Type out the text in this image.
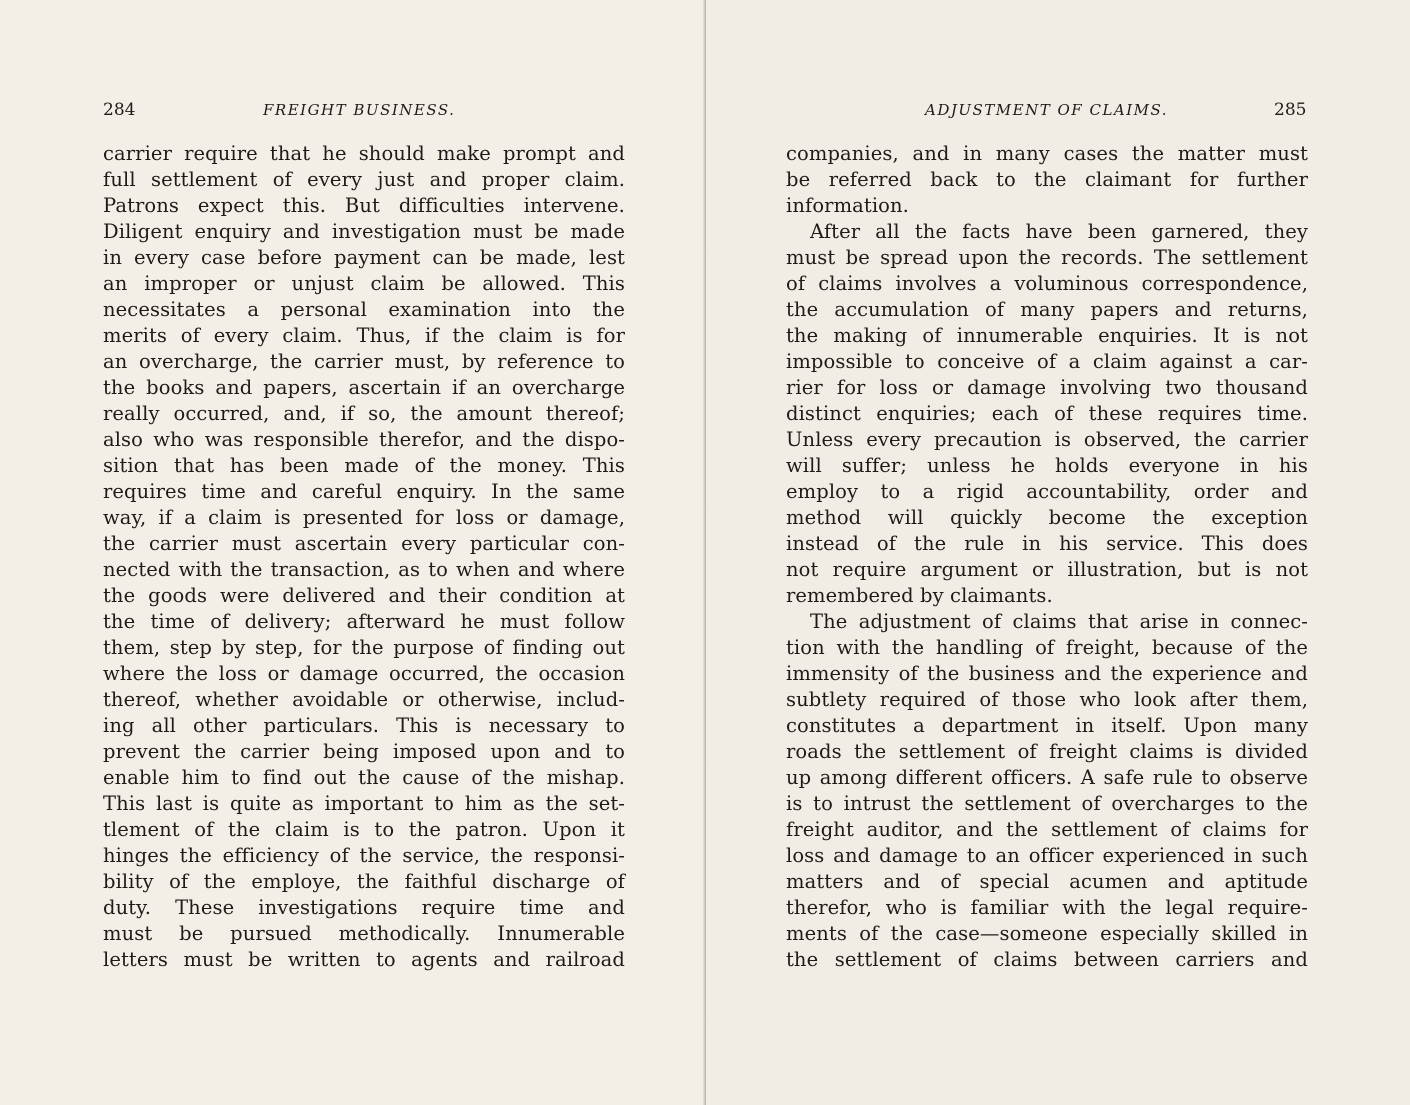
284	FREIGHT BUSINESS.
carrier require that he should make prompt and
full settlement of every just and proper claim.
Patrons expect this. But difficulties intervene.
Diligent enquiry and investigation must be made
in every case before payment can be made, lest
an improper or unjust claim be allowed. This
necessitates a personal examination into the
merits of every claim. Thus, if the claim is for
an overcharge, the carrier must, by reference to
the books and papers, ascertain if an overcharge
really occurred, and, if so, the amount thereof;
also who was responsible therefor, and the dispo-
sition that has been made of the money. This
requires time and careful enquiry. In the same
way, if a claim is presented for loss or damage,
the carrier must ascertain every particular con-
nected with the transaction, as to when and where
the goods were delivered and their condition at
the time of delivery; afterward he must follow
them, step by step, for the purpose of finding out
where the loss or damage occurred, the occasion
thereof, whether avoidable or otherwise, includ-
ing all other particulars. This is necessary to
prevent the carrier being imposed upon and to
enable him to find out the cause of the mishap.
This last is quite as important to him as the set-
tlement of the claim is to the patron. Upon it
hinges the efficiency of the service, the responsi-
bility of the employe, the faithful discharge of
duty. These investigations require time and
must be pursued methodically. Innumerable
letters must be written to agents and railroad
ADJUSTMENT OF CLAIMS.	285
companies, and in many cases the matter must
be referred back to the claimant for further
information.
After all the facts have been garnered, they
must be spread upon the records. The settlement
of claims involves a voluminous correspondence,
the accumulation of many papers and returns,
the making of innumerable enquiries. It is not
impossible to conceive of a claim against a car-
rier for loss or damage involving two thousand
distinct enquiries; each of these requires time.
Unless every precaution is observed, the carrier
will suffer; unless he holds everyone in his
employ to a rigid accountability, order and
method will quickly become the exception
instead of the rule in his service. This does
not require argument or illustration, but is not
remembered by claimants.
The adjustment of claims that arise in connec-
tion with the handling of freight, because of the
immensity of the business and the experience and
subtlety required of those who look after them,
constitutes a department in itself. Upon many
roads the settlement of freight claims is divided
up among different officers. A safe rule to observe
is to intrust the settlement of overcharges to the
freight auditor, and the settlement of claims for
loss and damage to an officer experienced in such
matters and of special acumen and aptitude
therefor, who is familiar with the legal require-
ments of the case—someone especially skilled in
the settlement of claims between carriers and
